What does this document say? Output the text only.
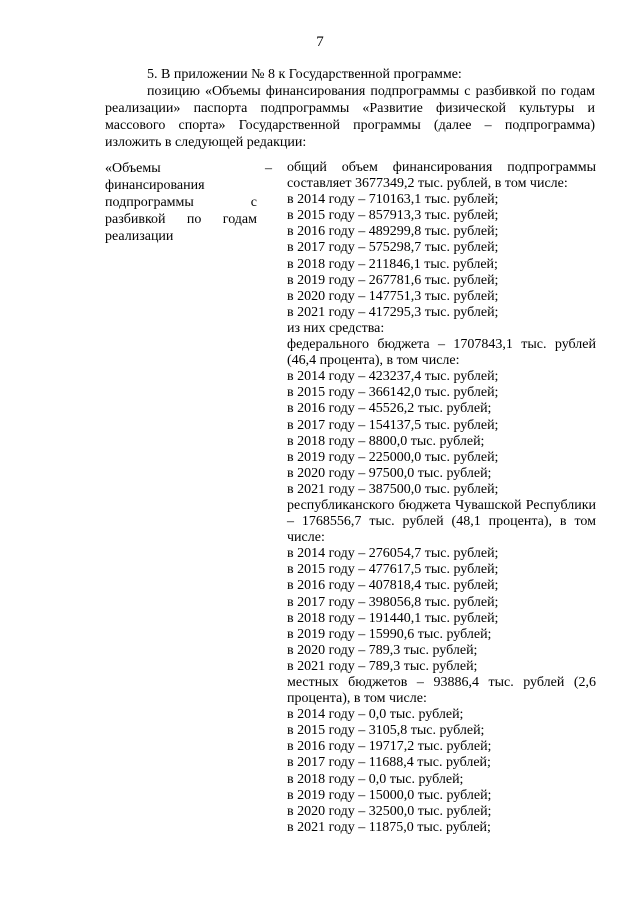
7

5. В приложении № 8 к Государственной программе:

позицию «Объемы финансирования подпрограммы с разбивкой по годам реализации» паспорта подпрограммы «Развитие физической культуры и массового спорта» Государственной программы (далее – подпрограмма) изложить в следующей редакции:

«Объемы финансирования подпрограммы с разбивкой по годам реализации
– общий объем финансирования подпрограммы составляет 3677349,2 тыс. рублей, в том числе:
в 2014 году – 710163,1 тыс. рублей;
в 2015 году – 857913,3 тыс. рублей;
в 2016 году – 489299,8 тыс. рублей;
в 2017 году – 575298,7 тыс. рублей;
в 2018 году – 211846,1 тыс. рублей;
в 2019 году – 267781,6 тыс. рублей;
в 2020 году – 147751,3 тыс. рублей;
в 2021 году – 417295,3 тыс. рублей;
из них средства:
федерального бюджета – 1707843,1 тыс. рублей (46,4 процента), в том числе:
в 2014 году – 423237,4 тыс. рублей;
в 2015 году – 366142,0 тыс. рублей;
в 2016 году – 45526,2 тыс. рублей;
в 2017 году – 154137,5 тыс. рублей;
в 2018 году – 8800,0 тыс. рублей;
в 2019 году – 225000,0 тыс. рублей;
в 2020 году – 97500,0 тыс. рублей;
в 2021 году – 387500,0 тыс. рублей;
республиканского бюджета Чувашской Республики – 1768556,7 тыс. рублей (48,1 процента), в том числе:
в 2014 году – 276054,7 тыс. рублей;
в 2015 году – 477617,5 тыс. рублей;
в 2016 году – 407818,4 тыс. рублей;
в 2017 году – 398056,8 тыс. рублей;
в 2018 году – 191440,1 тыс. рублей;
в 2019 году – 15990,6 тыс. рублей;
в 2020 году – 789,3 тыс. рублей;
в 2021 году – 789,3 тыс. рублей;
местных бюджетов – 93886,4 тыс. рублей (2,6 процента), в том числе:
в 2014 году – 0,0 тыс. рублей;
в 2015 году – 3105,8 тыс. рублей;
в 2016 году – 19717,2 тыс. рублей;
в 2017 году – 11688,4 тыс. рублей;
в 2018 году – 0,0 тыс. рублей;
в 2019 году – 15000,0 тыс. рублей;
в 2020 году – 32500,0 тыс. рублей;
в 2021 году – 11875,0 тыс. рублей;
